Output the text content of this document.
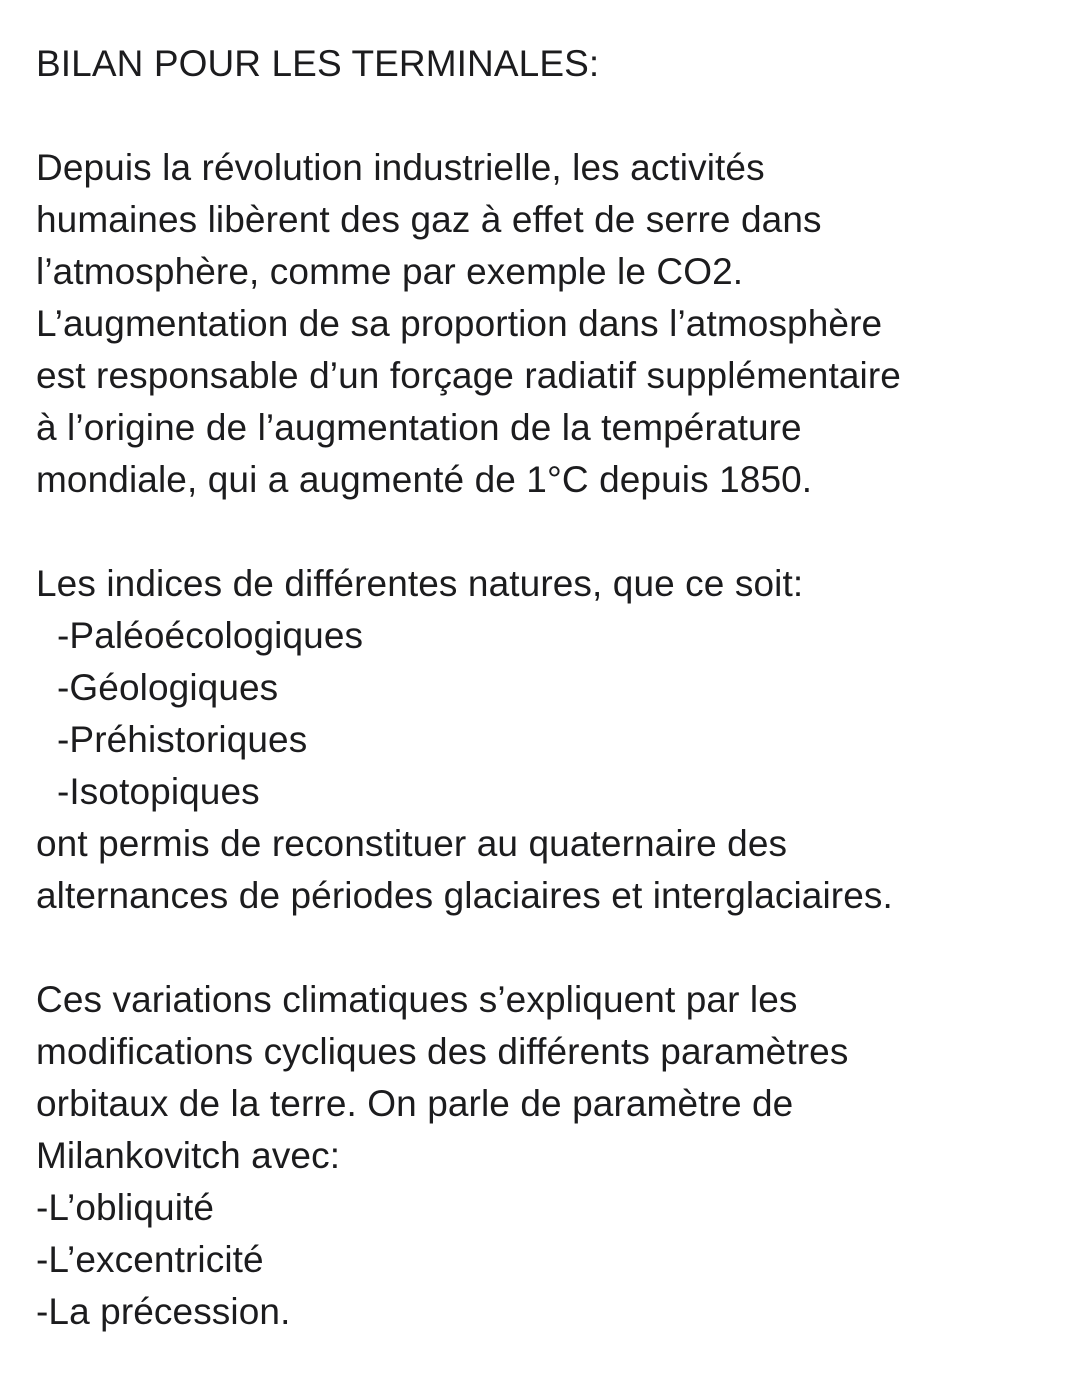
BILAN POUR LES TERMINALES:
Depuis la révolution industrielle, les activités
humaines libèrent des gaz à effet de serre dans
l’atmosphère, comme par exemple le CO2.
L’augmentation de sa proportion dans l’atmosphère
est responsable d’un forçage radiatif supplémentaire
à l’origine de l’augmentation de la température
mondiale, qui a augmenté de 1°C depuis 1850.
Les indices de différentes natures, que ce soit:
-Paléoécologiques
-Géologiques
-Préhistoriques
-Isotopiques
ont permis de reconstituer au quaternaire des
alternances de périodes glaciaires et interglaciaires.
Ces variations climatiques s’expliquent par les
modifications cycliques des différents paramètres
orbitaux de la terre. On parle de paramètre de
Milankovitch avec:
-L’obliquité
-L’excentricité
-La précession.
